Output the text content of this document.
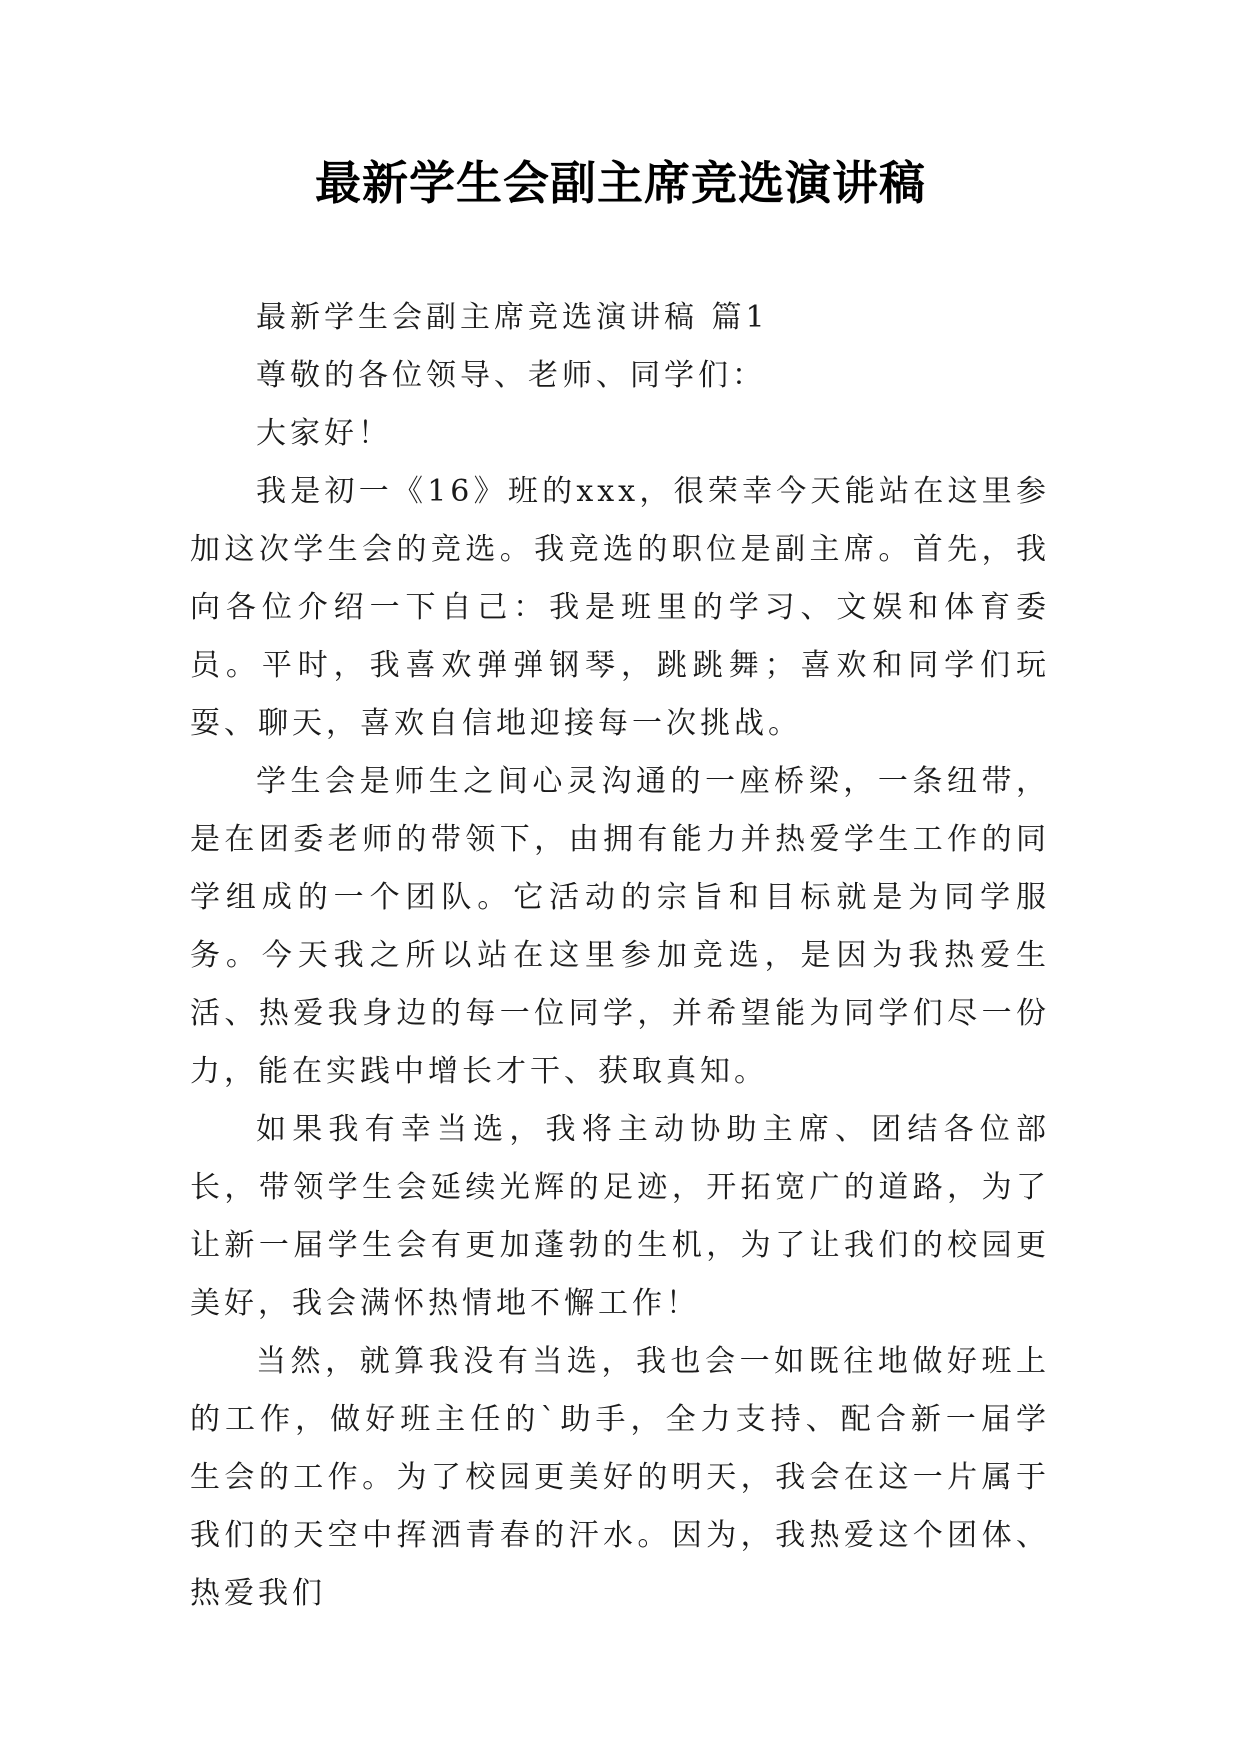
最新学生会副主席竞选演讲稿

最新学生会副主席竞选演讲稿 篇1

尊敬的各位领导、老师、同学们：

大家好！

我是初一《16》班的xxx，很荣幸今天能站在这里参加这次学生会的竞选。我竞选的职位是副主席。首先，我向各位介绍一下自己：我是班里的学习、文娱和体育委员。平时，我喜欢弹弹钢琴，跳跳舞；喜欢和同学们玩耍、聊天，喜欢自信地迎接每一次挑战。

学生会是师生之间心灵沟通的一座桥梁，一条纽带，是在团委老师的带领下，由拥有能力并热爱学生工作的同学组成的一个团队。它活动的宗旨和目标就是为同学服务。今天我之所以站在这里参加竞选，是因为我热爱生活、热爱我身边的每一位同学，并希望能为同学们尽一份力，能在实践中增长才干、获取真知。

如果我有幸当选，我将主动协助主席、团结各位部长，带领学生会延续光辉的足迹，开拓宽广的道路，为了让新一届学生会有更加蓬勃的生机，为了让我们的校园更美好，我会满怀热情地不懈工作！

当然，就算我没有当选，我也会一如既往地做好班上的工作，做好班主任的`助手，全力支持、配合新一届学生会的工作。为了校园更美好的明天，我会在这一片属于我们的天空中挥洒青春的汗水。因为，我热爱这个团体、热爱我们
